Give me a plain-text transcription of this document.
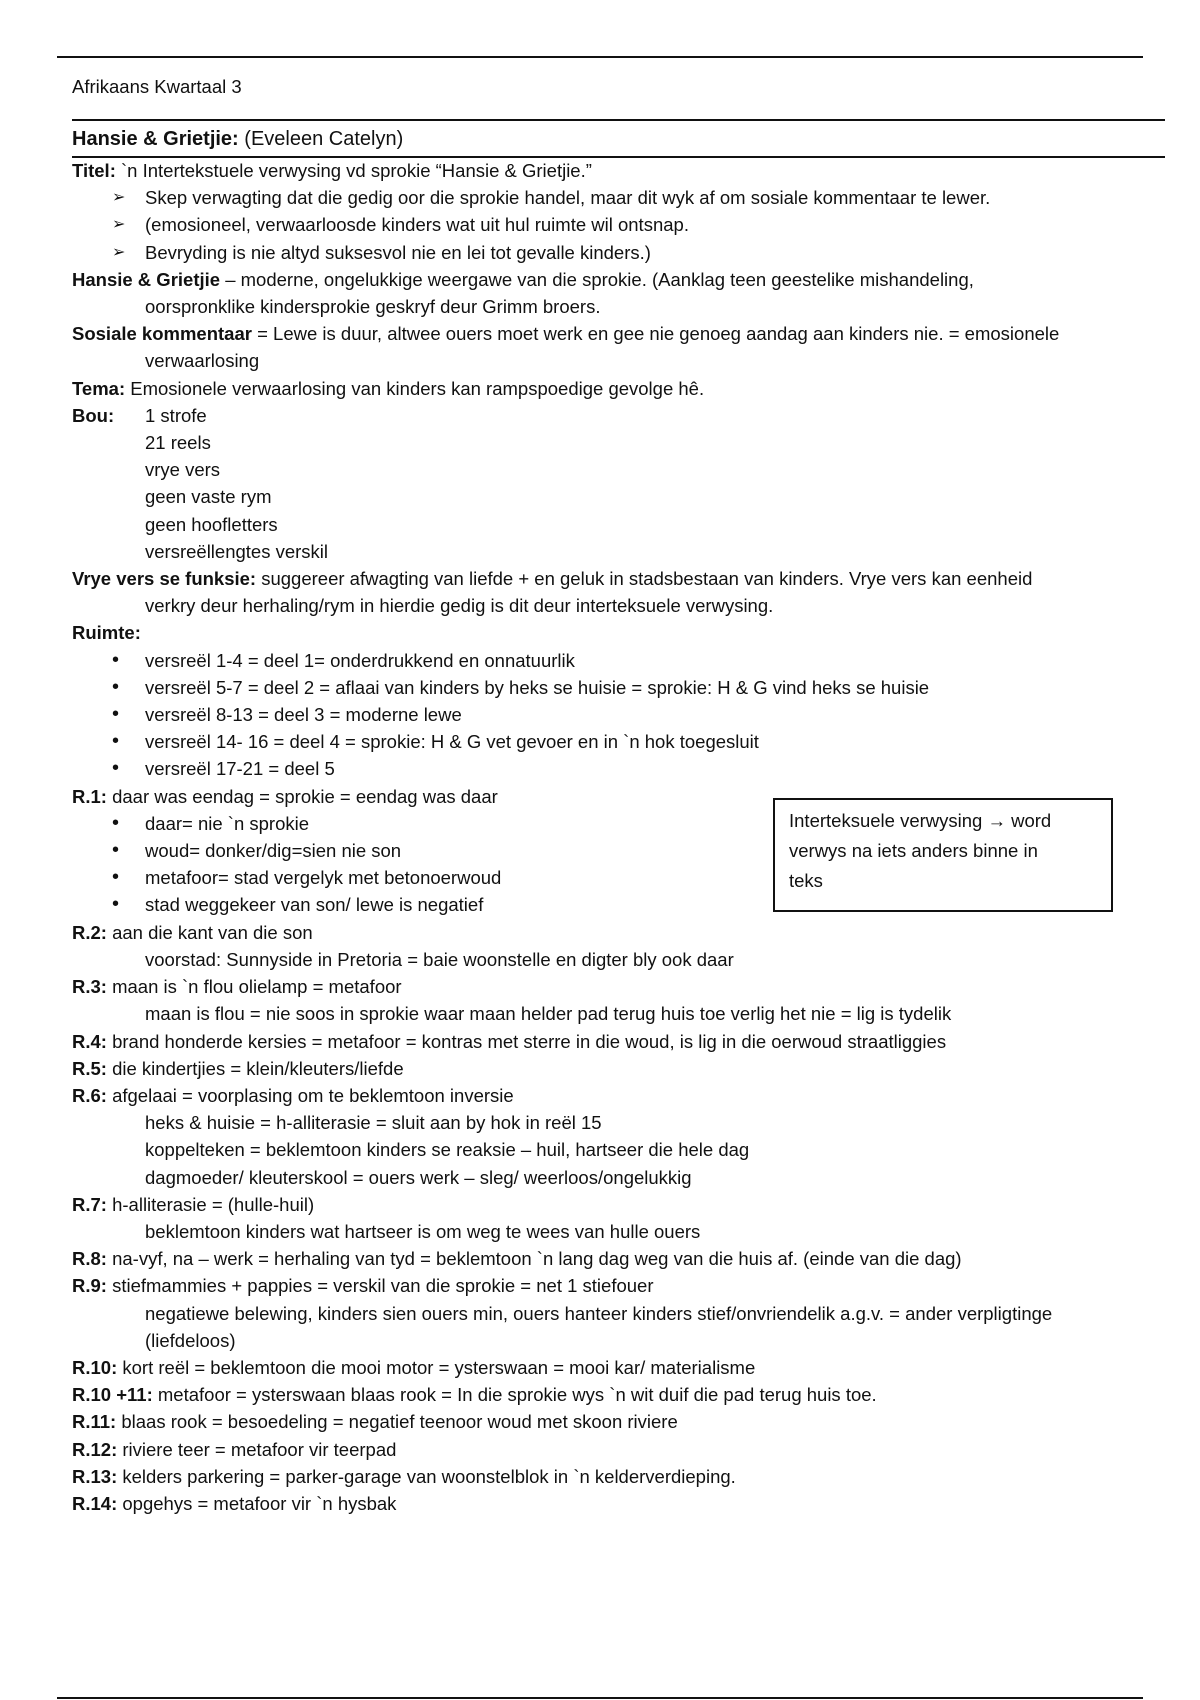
Afrikaans Kwartaal 3
Hansie & Grietjie: (Eveleen Catelyn)
Titel: `n Intertekstuele verwysing vd sprokie “Hansie & Grietjie.”
➢ Skep verwagting dat die gedig oor die sprokie handel, maar dit wyk af om sosiale kommentaar te lewer.
➢ (emosioneel, verwaarloosde kinders wat uit hul ruimte wil ontsnap.
➢ Bevryding is nie altyd suksesvol nie en lei tot gevalle kinders.)
Hansie & Grietjie – moderne, ongelukkige weergawe van die sprokie. (Aanklag teen geestelike mishandeling,
oorspronklike kindersprokie geskryf deur Grimm broers.
Sosiale kommentaar = Lewe is duur, altwee ouers moet werk en gee nie genoeg aandag aan kinders nie. = emosionele
verwaarlosing
Tema: Emosionele verwaarlosing van kinders kan rampspoedige gevolge hê.
Bou:	1 strofe
21 reels
vrye vers
geen vaste rym
geen hoofletters
versreëllengtes verskil
Vrye vers se funksie: suggereer afwagting van liefde + en geluk in stadsbestaan van kinders. Vrye vers kan eenheid
verkry deur herhaling/rym in hierdie gedig is dit deur interteksuele verwysing.
Ruimte:
• versreël 1-4 = deel 1= onderdrukkend en onnatuurlik
• versreël 5-7 = deel 2 = aflaai van kinders by heks se huisie = sprokie: H & G vind heks se huisie
• versreël 8-13 = deel 3 = moderne lewe
• versreël 14- 16 = deel 4 = sprokie: H & G vet gevoer en in `n hok toegesluit
• versreël 17-21 = deel 5
R.1: daar was eendag = sprokie = eendag was daar
• daar= nie `n sprokie
• woud= donker/dig=sien nie son
• metafoor= stad vergelyk met betonoerwoud
• stad weggekeer van son/ lewe is negatief
R.2: aan die kant van die son
voorstad: Sunnyside in Pretoria = baie woonstelle en digter bly ook daar
R.3: maan is `n flou olielamp = metafoor
maan is flou = nie soos in sprokie waar maan helder pad terug huis toe verlig het nie = lig is tydelik
R.4: brand honderde kersies = metafoor = kontras met sterre in die woud, is lig in die oerwoud straatliggies
R.5: die kindertjies = klein/kleuters/liefde
R.6: afgelaai = voorplasing om te beklemtoon inversie
heks & huisie = h-alliterasie = sluit aan by hok in reël 15
koppelteken = beklemtoon kinders se reaksie – huil, hartseer die hele dag
dagmoeder/ kleuterskool = ouers werk – sleg/ weerloos/ongelukkig
R.7: h-alliterasie = (hulle-huil)
beklemtoon kinders wat hartseer is om weg te wees van hulle ouers
R.8: na-vyf, na – werk = herhaling van tyd = beklemtoon `n lang dag weg van die huis af. (einde van die dag)
R.9: stiefmammies + pappies = verskil van die sprokie = net 1 stiefouer
negatiewe belewing, kinders sien ouers min, ouers hanteer kinders stief/onvriendelik a.g.v. = ander verpligtinge
(liefdeloos)
R.10: kort reël = beklemtoon die mooi motor = ysterswaan = mooi kar/ materialisme
R.10 +11: metafoor = ysterswaan blaas rook = In die sprokie wys `n wit duif die pad terug huis toe.
R.11: blaas rook = besoedeling = negatief teenoor woud met skoon riviere
R.12: riviere teer = metafoor vir teerpad
R.13: kelders parkering = parker-garage van woonstelblok in `n kelderverdieping.
R.14: opgehys = metafoor vir `n hysbak
Interteksuele verwysing → word
verwys na iets anders binne in
teks
